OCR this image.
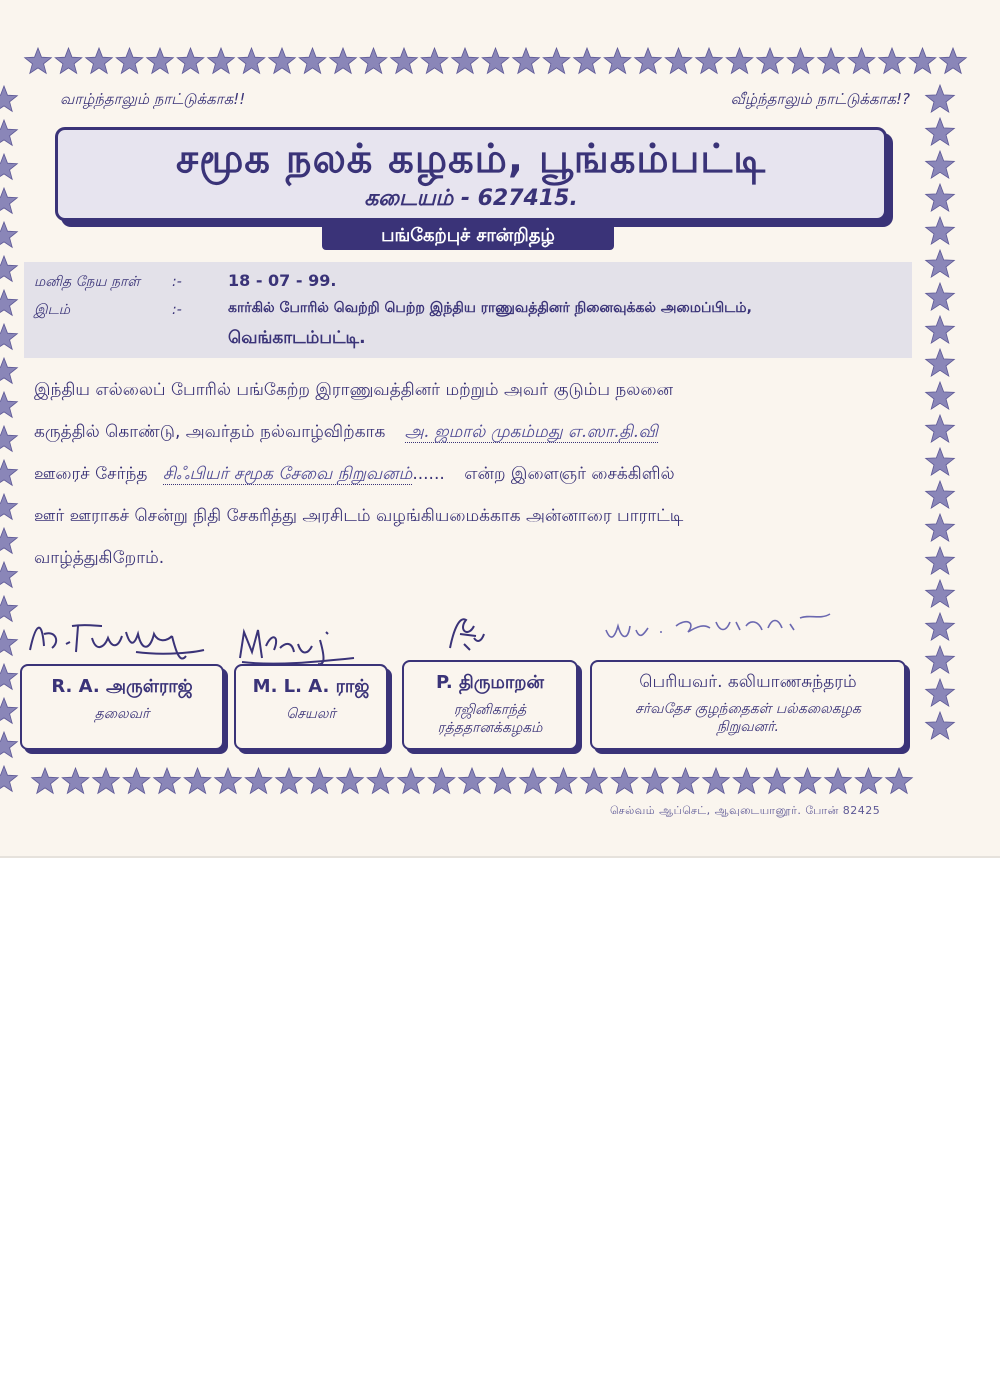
வாழ்ந்தாலும் நாட்டுக்காக!!	வீழ்ந்தாலும் நாட்டுக்காக!?
சமூக நலக் கழகம், பூங்கம்பட்டி
கடையம் - 627415.
பங்கேற்புச் சான்றிதழ்
மனித நேய நாள் :-	18 - 07 - 99.
இடம்	:-	கார்கில் போரில் வெற்றி பெற்ற இந்திய ராணுவத்தினர் நினைவுக்கல் அமைப்பிடம்,
வெங்காடம்பட்டி.
இந்திய எல்லைப் போரில் பங்கேற்ற இராணுவத்தினர் மற்றும் அவர் குடும்ப நலனை
கருத்தில் கொண்டு, அவர்தம் நல்வாழ்விற்காக அ. ஜமால் முகம்மது எ.ஸா.தி.வி
ஊரைச் சேர்ந்த சிஃபியர் சமூக சேவை நிறுவனம்...... என்ற இளைஞர் சைக்கிளில்
ஊர் ஊராகச் சென்று நிதி சேகரித்து அரசிடம் வழங்கியமைக்காக அன்னாரை பாராட்டி
வாழ்த்துகிறோம்.
R. A. அருள்ராஜ்
தலைவர்
M. L. A. ராஜ்
செயலர்
P. திருமாறன்
ரஜினிகாந்த்
ரத்ததானக்கழகம்
பெரியவர். கலியாணசுந்தரம்
சர்வதேச குழந்தைகள் பல்கலைகழக
நிறுவனர்.
செல்வம் ஆப்செட், ஆவுடையானூர். போன் 82425
